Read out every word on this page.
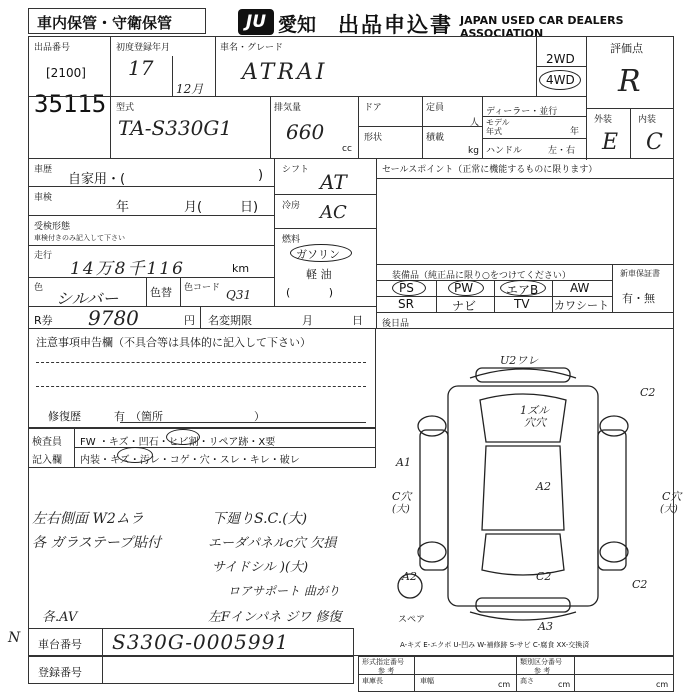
車内保管・守衛保管	JU 愛知 出品申込書 JAPAN USED CAR DEALERS ASSOCIATION
出品番号
[2100]
35115
初度登録年月
17
12月
車名・グレード
ATRAI
2WD
4WD
評価点
R
型式
TA-S330G1
排気量
660
cc
ドア
形状
定員
人
積載
kg
ディーラー・並行
モデル
年式	年
ハンドル	左・右
外装	内装
E C
車歴
自家用・(	)
車検
年	月(	日)
受検形態
車検付きのみ記入して下さい
走行
14万8千116	km
色
シルバー	色替 色コード Q31
R券 9780	円 名変期限	月	日
シフト AT
冷房 AC
燃料
ガソリン
軽 油
(           )
セールスポイント（正常に機能するものに限ります）
装備品（純正品に限り○をつけてください）	新車保証書
有・無
PS	PW	エアB	AW
SR	ナビ	TV カワシート
後日品
注意事項申告欄（不具合等は具体的に記入して下さい）
修復歴	有 （箇所	）
検査員
記入欄
FW ・キズ・凹石・ヒビ割・リペア跡・X要
内装・キズ・汚レ・コゲ・穴・スレ・キレ・破レ
左右側面 W2ムラ
各 ガラステープ貼付
下廻りS.C.(大)
エーダパネルc穴 欠損
サイドシル )(大)
ロアサポート 曲がり
各.AV	左Fインパネ ジワ 修復
U2ワレ
C2
1ズル
穴穴
A1
A2
C穴
(大)
C穴
(大)
A2	C2
C2
A3
スペア
A-キズ E-エクボ U-凹み W-補修跡 S-サビ C-腐食 XX-交換済
N 車台番号 S330G-0005991
登録番号
形式指定番号	類別区分番号
参 考	参 考
車庫長	車幅	高さ
cm	cm	cm
